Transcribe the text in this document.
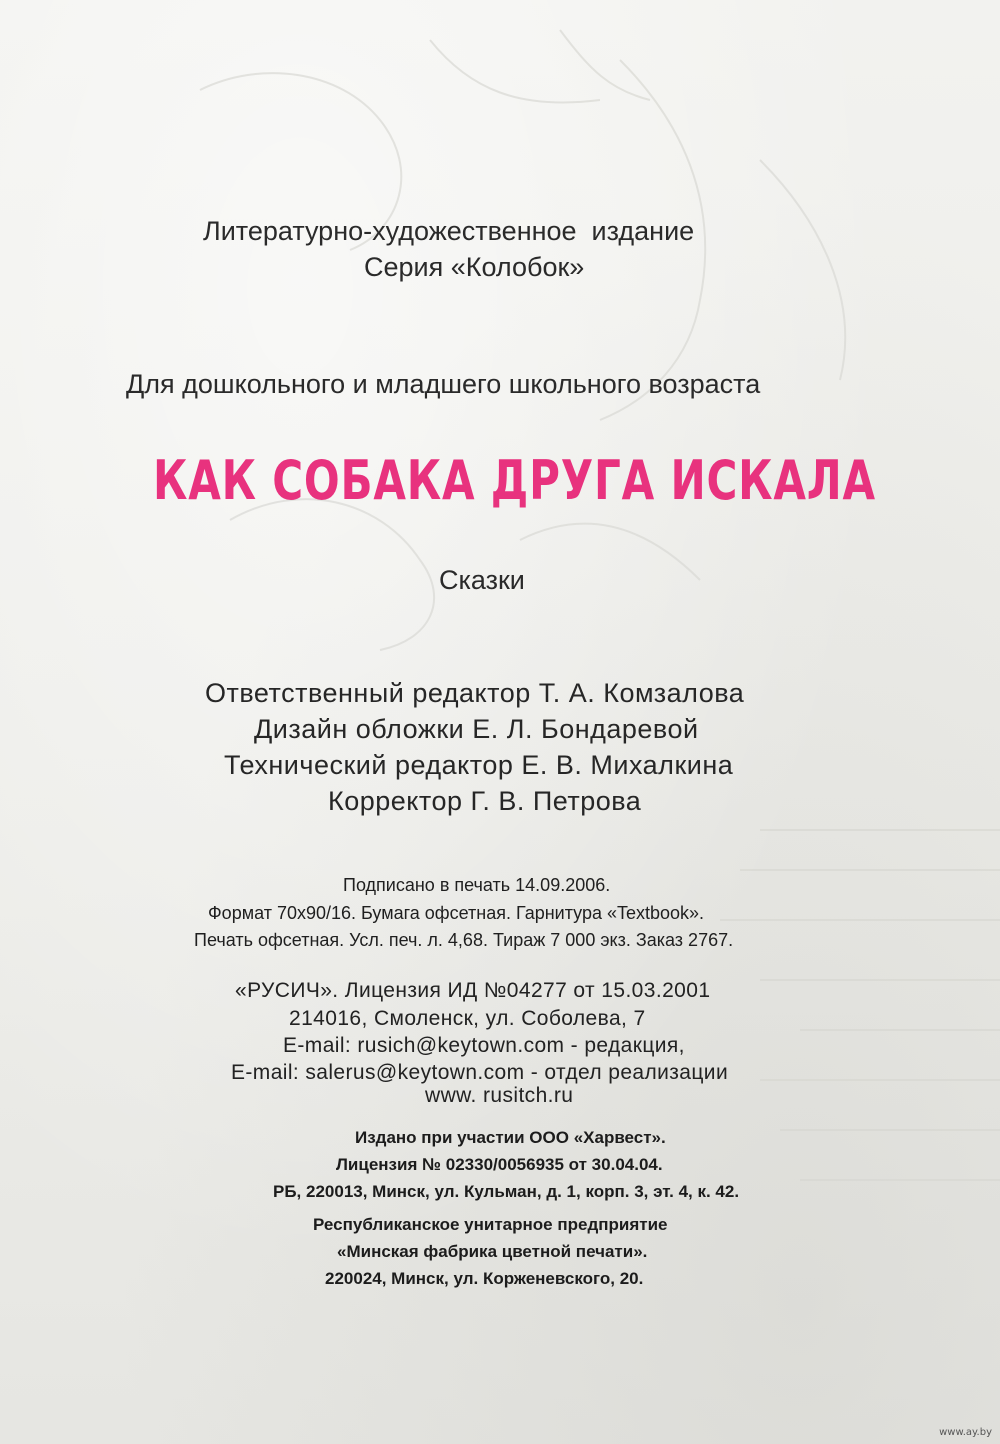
Литературно-художественное  издание
Серия «Колобок»
Для дошкольного и младшего школьного возраста
КАК СОБАКА ДРУГА ИСКАЛА
Сказки
Ответственный редактор Т. А. Комзалова
Дизайн обложки Е. Л. Бондаревой
Технический редактор Е. В. Михалкина
Корректор Г. В. Петрова
Подписано в печать 14.09.2006.
Формат 70x90/16. Бумага офсетная. Гарнитура «Textbook».
Печать офсетная. Усл. печ. л. 4,68. Тираж 7 000 экз. Заказ 2767.
«РУСИЧ». Лицензия ИД №04277 от 15.03.2001
214016, Смоленск, ул. Соболева, 7
E-mail: rusich@keytown.com - редакция,
E-mail: salerus@keytown.com - отдел реализации
www. rusitch.ru
Издано при участии ООО «Харвест».
Лицензия № 02330/0056935 от 30.04.04.
РБ, 220013, Минск, ул. Кульман, д. 1, корп. 3, эт. 4, к. 42.
Республиканское унитарное предприятие
«Минская фабрика цветной печати».
220024, Минск, ул. Корженевского, 20.
www.ay.by
